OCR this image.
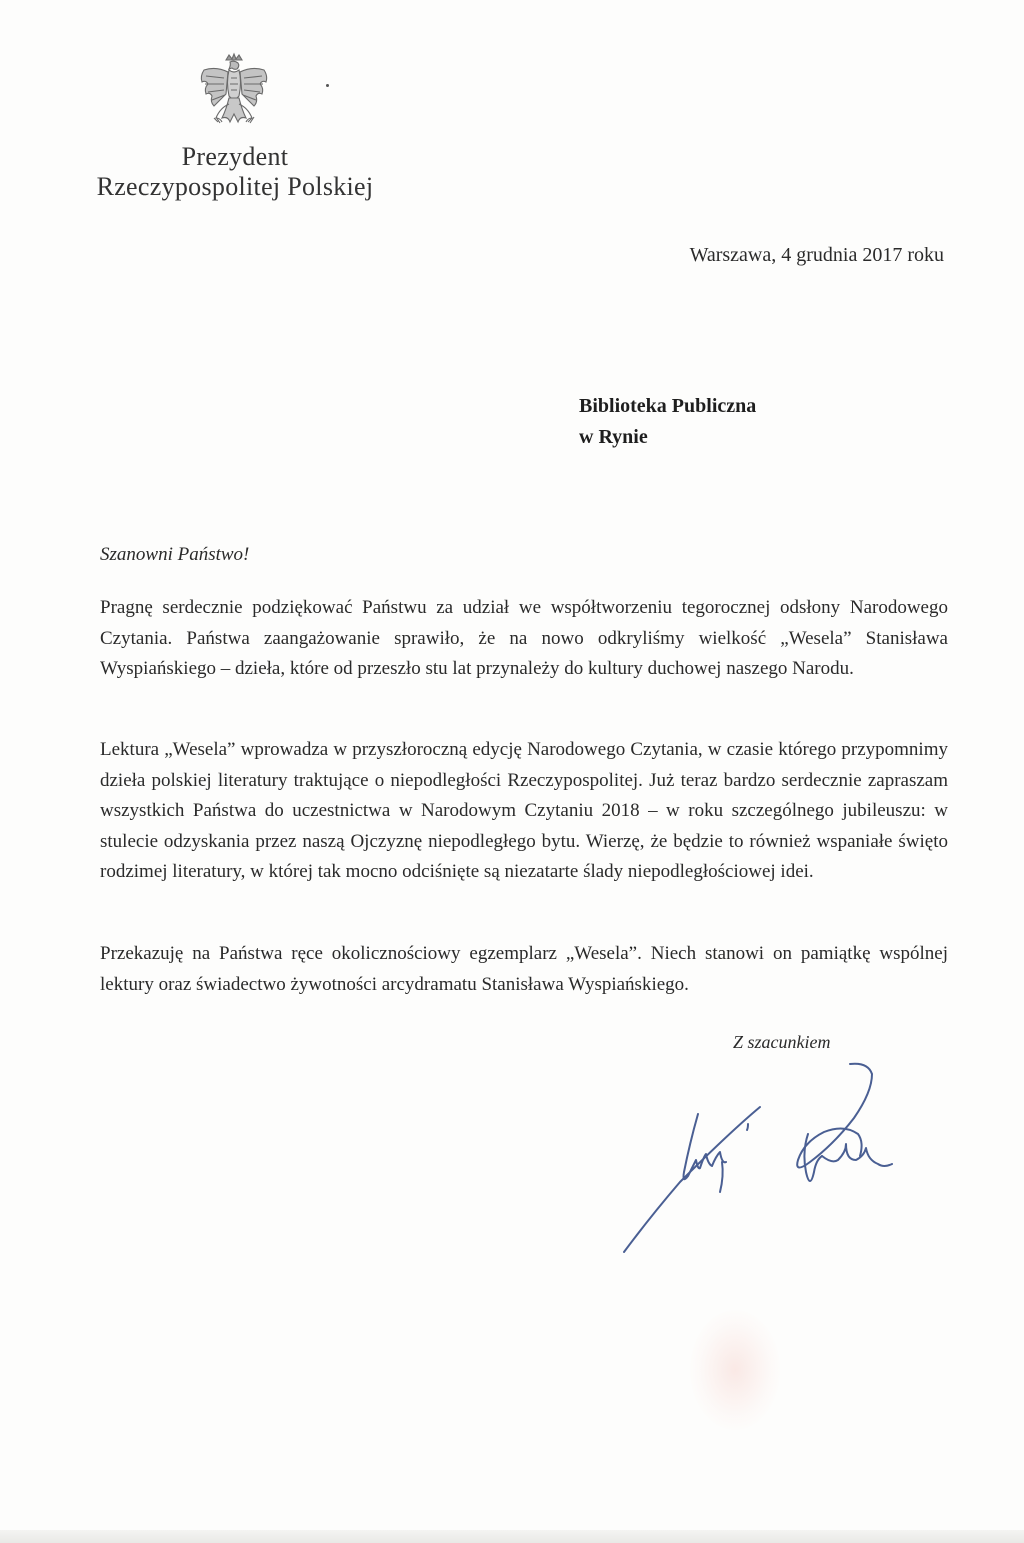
Prezydent
Rzeczypospolitej Polskiej
Warszawa, 4 grudnia 2017 roku
Biblioteka Publiczna
w Rynie
Szanowni Państwo!
Pragnę serdecznie podziękować Państwu za udział we współtworzeniu tegorocznej odsłony Narodowego Czytania. Państwa zaangażowanie sprawiło, że na nowo odkryliśmy wielkość „Wesela” Stanisława Wyspiańskiego – dzieła, które od przeszło stu lat przynależy do kultury duchowej naszego Narodu.
Lektura „Wesela” wprowadza w przyszłoroczną edycję Narodowego Czytania, w czasie którego przypomnimy dzieła polskiej literatury traktujące o niepodległości Rzeczypospolitej. Już teraz bardzo serdecznie zapraszam wszystkich Państwa do uczestnictwa w Narodowym Czytaniu 2018 – w roku szczególnego jubileuszu: w stulecie odzyskania przez naszą Ojczyznę niepodległego bytu. Wierzę, że będzie to również wspaniałe święto rodzimej literatury, w której tak mocno odciśnięte są niezatarte ślady niepodległościowej idei.
Przekazuję na Państwa ręce okolicznościowy egzemplarz „Wesela”. Niech stanowi on pamiątkę wspólnej lektury oraz świadectwo żywotności arcydramatu Stanisława Wyspiańskiego.
Z szacunkiem
